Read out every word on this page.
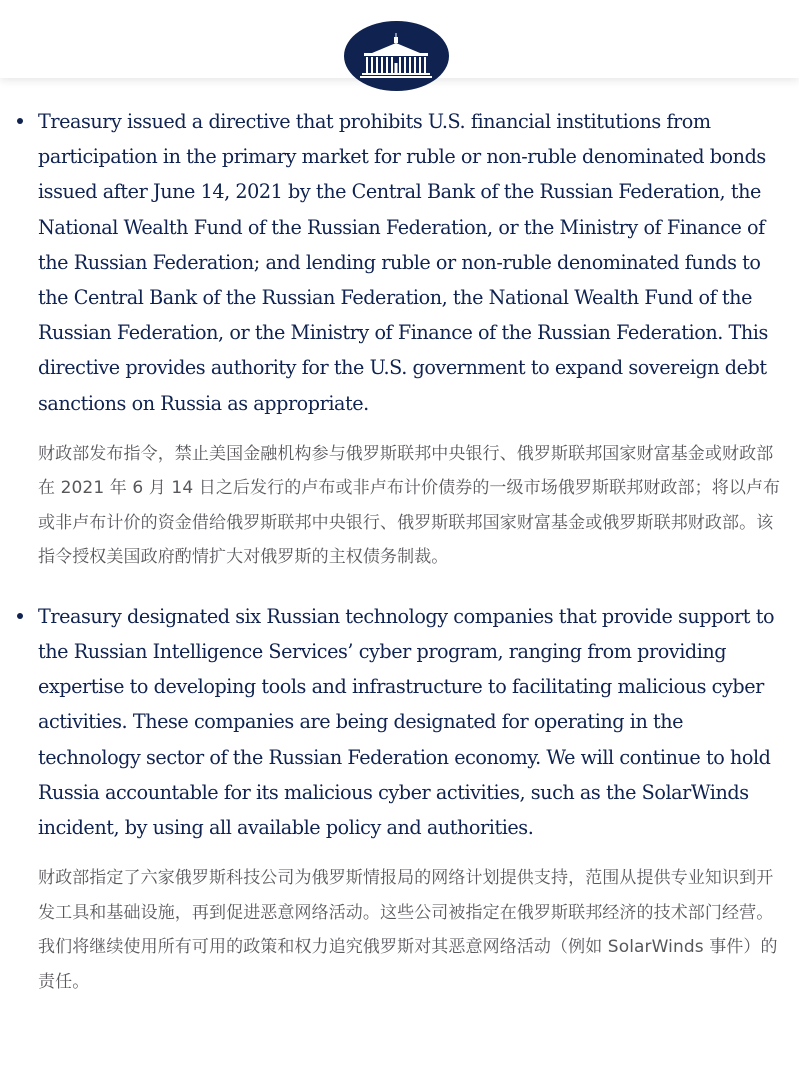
Treasury issued a directive that prohibits U.S. financial institutions from participation in the primary market for ruble or non-ruble denominated bonds issued after June 14, 2021 by the Central Bank of the Russian Federation, the National Wealth Fund of the Russian Federation, or the Ministry of Finance of the Russian Federation; and lending ruble or non-ruble denominated funds to the Central Bank of the Russian Federation, the National Wealth Fund of the Russian Federation, or the Ministry of Finance of the Russian Federation. This directive provides authority for the U.S. government to expand sovereign debt sanctions on Russia as appropriate.

财政部发布指令，禁止美国金融机构参与俄罗斯联邦中央银行、俄罗斯联邦国家财富基金或财政部在 2021 年 6 月 14 日之后发行的卢布或非卢布计价债券的一级市场俄罗斯联邦财政部；将以卢布或非卢布计价的资金借给俄罗斯联邦中央银行、俄罗斯联邦国家财富基金或俄罗斯联邦财政部。该指令授权美国政府酌情扩大对俄罗斯的主权债务制裁。

Treasury designated six Russian technology companies that provide support to the Russian Intelligence Services’ cyber program, ranging from providing expertise to developing tools and infrastructure to facilitating malicious cyber activities. These companies are being designated for operating in the technology sector of the Russian Federation economy. We will continue to hold Russia accountable for its malicious cyber activities, such as the SolarWinds incident, by using all available policy and authorities.

财政部指定了六家俄罗斯科技公司为俄罗斯情报局的网络计划提供支持，范围从提供专业知识到开发工具和基础设施，再到促进恶意网络活动。这些公司被指定在俄罗斯联邦经济的技术部门经营。我们将继续使用所有可用的政策和权力追究俄罗斯对其恶意网络活动（例如 SolarWinds 事件）的责任。
